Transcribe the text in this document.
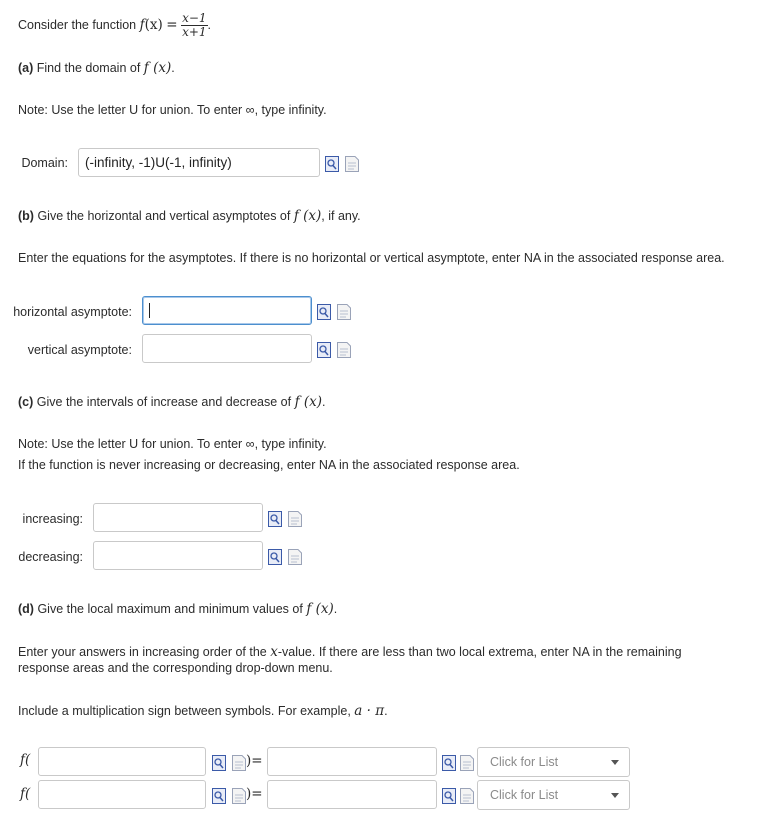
Consider the function $f(x) = \frac{x-1}{x+1}$ .
(a) Find the domain of f (x).
Note: Use the letter U for union. To enter ∞, type infinity.
Domain:
(-infinity, -1)U(-1, infinity)
(b) Give the horizontal and vertical asymptotes of f (x), if any.
Enter the equations for the asymptotes. If there is no horizontal or vertical asymptote, enter NA in the associated response area.
horizontal asymptote:
vertical asymptote:
(c) Give the intervals of increase and decrease of f (x).
Note: Use the letter U for union. To enter ∞, type infinity.
If the function is never increasing or decreasing, enter NA in the associated response area.
increasing:
decreasing:
(d) Give the local maximum and minimum values of f (x).
Enter your answers in increasing order of the x-value. If there are less than two local extrema, enter NA in the remaining
response areas and the corresponding drop-down menu.
Include a multiplication sign between symbols. For example, a · π.
f(	)=	Click for List
f(	)=	Click for List
